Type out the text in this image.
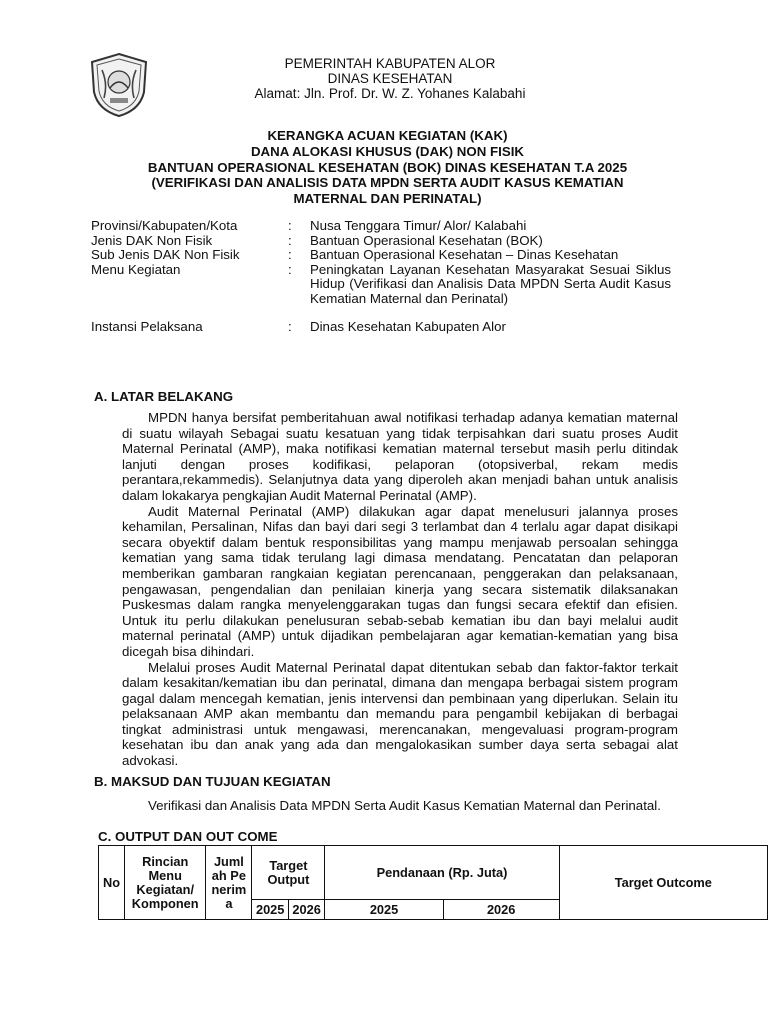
PEMERINTAH KABUPATEN ALOR
DINAS KESEHATAN
Alamat: Jln. Prof. Dr. W. Z. Yohanes Kalabahi
KERANGKA ACUAN KEGIATAN (KAK)
DANA ALOKASI KHUSUS (DAK) NON FISIK
BANTUAN OPERASIONAL KESEHATAN (BOK) DINAS KESEHATAN T.A 2025
(VERIFIKASI DAN ANALISIS DATA MPDN SERTA AUDIT KASUS KEMATIAN
MATERNAL DAN PERINATAL)
Provinsi/Kabupaten/Kota	:	Nusa Tenggara Timur/ Alor/ Kalabahi
Jenis DAK Non Fisik	:	Bantuan Operasional Kesehatan (BOK)
Sub Jenis DAK Non Fisik	:	Bantuan Operasional Kesehatan – Dinas Kesehatan
Menu Kegiatan	:	Peningkatan Layanan Kesehatan Masyarakat Sesuai Siklus Hidup (Verifikasi dan Analisis Data MPDN Serta Audit Kasus Kematian Maternal dan Perinatal)
Instansi Pelaksana	:	Dinas Kesehatan Kabupaten Alor
A. LATAR BELAKANG

MPDN hanya bersifat pemberitahuan awal notifikasi terhadap adanya kematian maternal di suatu wilayah Sebagai suatu kesatuan yang tidak terpisahkan dari suatu proses Audit Maternal Perinatal (AMP), maka notifikasi kematian maternal tersebut masih perlu ditindak lanjuti dengan proses kodifikasi, pelaporan (otopsiverbal, rekam medis perantara,rekammedis). Selanjutnya data yang diperoleh akan menjadi bahan untuk analisis dalam lokakarya pengkajian Audit Maternal Perinatal (AMP).

Audit Maternal Perinatal (AMP) dilakukan agar dapat menelusuri jalannya proses kehamilan, Persalinan, Nifas dan bayi dari segi 3 terlambat dan 4 terlalu agar dapat disikapi secara obyektif dalam bentuk responsibilitas yang mampu menjawab persoalan sehingga kematian yang sama tidak terulang lagi dimasa mendatang. Pencatatan dan pelaporan memberikan gambaran rangkaian kegiatan perencanaan, penggerakan dan pelaksanaan, pengawasan, pengendalian dan penilaian kinerja yang secara sistematik dilaksanakan Puskesmas dalam rangka menyelenggarakan tugas dan fungsi secara efektif dan efisien. Untuk itu perlu dilakukan penelusuran sebab-sebab kematian ibu dan bayi melalui audit maternal perinatal (AMP) untuk dijadikan pembelajaran agar kematian-kematian yang bisa dicegah bisa dihindari.

Melalui proses Audit Maternal Perinatal dapat ditentukan sebab dan faktor-faktor terkait dalam kesakitan/kematian ibu dan perinatal, dimana dan mengapa berbagai sistem program gagal dalam mencegah kematian, jenis intervensi dan pembinaan yang diperlukan. Selain itu pelaksanaan AMP akan membantu dan memandu para pengambil kebijakan di berbagai tingkat administrasi untuk mengawasi, merencanakan, mengevaluasi program-program kesehatan ibu dan anak yang ada dan mengalokasikan sumber daya serta sebagai alat advokasi.

B. MAKSUD DAN TUJUAN KEGIATAN

Verifikasi dan Analisis Data MPDN Serta Audit Kasus Kematian Maternal dan Perinatal.

C. OUTPUT DAN OUT COME
No	Rincian Menu Kegiatan/ Komponen	Jumlah Penerima	Target Output		Pendanaan (Rp. Juta)		Target Outcome
			2025	2026	2025	2026	
